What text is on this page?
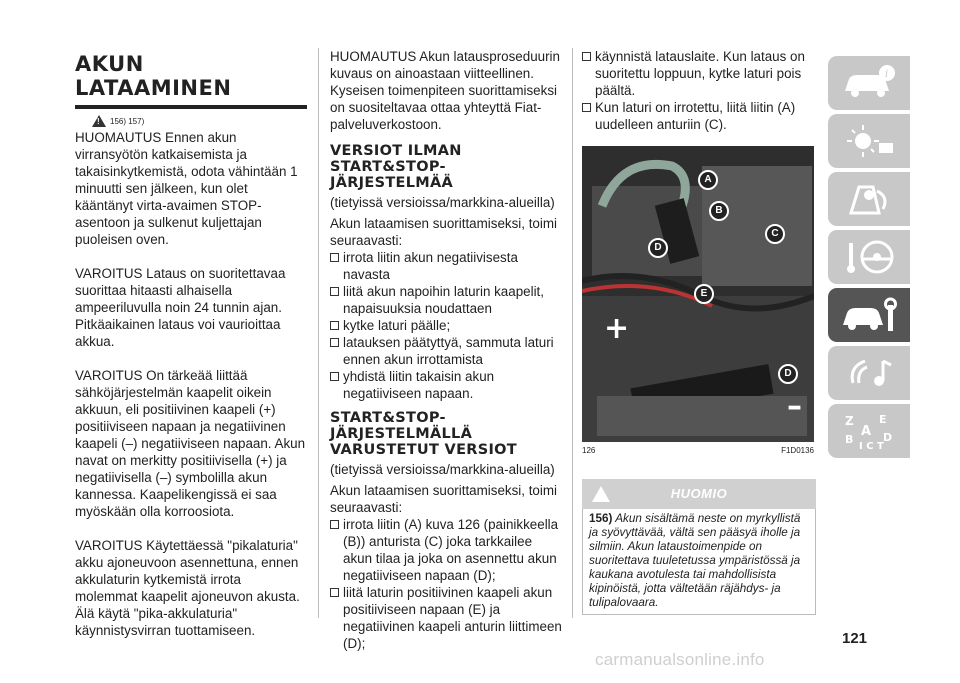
AKUN LATAAMINEN
!
156) 157)

HUOMAUTUS Ennen akun virransyötön katkaisemista ja takaisinkytkemistä, odota vähintään 1 minuutti sen jälkeen, kun olet kääntänyt virta-avaimen STOP-asentoon ja sulkenut kuljettajan puoleisen oven.

VAROITUS Lataus on suoritettavaa suorittaa hitaasti alhaisella ampeeriluvulla noin 24 tunnin ajan. Pitkäaikainen lataus voi vaurioittaa akkua.

VAROITUS On tärkeää liittää sähköjärjestelmän kaapelit oikein akkuun, eli positiivinen kaapeli (+) positiiviseen napaan ja negatiivinen kaapeli (–) negatiiviseen napaan. Akun navat on merkitty positiivisella (+) ja negatiivisella (–) symbolilla akun kannessa. Kaapelikengissä ei saa myöskään olla korroosiota.

VAROITUS Käytettäessä "pikalaturia" akku ajoneuvoon asennettuna, ennen akkulaturin kytkemistä irrota molemmat kaapelit ajoneuvon akusta. Älä käytä "pika-akkulaturia" käynnistysvirran tuottamiseen.

HUOMAUTUS Akun latausproseduurin kuvaus on ainoastaan viitteellinen. Kyseisen toimenpiteen suorittamiseksi on suositeltavaa ottaa yhteyttä Fiat-palveluverkostoon.

VERSIOT ILMAN START&STOP-JÄRJESTELMÄÄ

(tietyissä versioissa/markkina-alueilla)

Akun lataamisen suorittamiseksi, toimi seuraavasti:

irrota liitin akun negatiivisesta navasta
liitä akun napoihin laturin kaapelit, napaisuuksia noudattaen
kytke laturi päälle;
latauksen päätyttyä, sammuta laturi ennen akun irrottamista
yhdistä liitin takaisin akun negatiiviseen napaan.
START&STOP-JÄRJESTELMÄLLÄ VARUSTETUT VERSIOT

(tietyissä versioissa/markkina-alueilla)

Akun lataamisen suorittamiseksi, toimi seuraavasti:

irrota liitin (A) kuva 126 (painikkeella (B)) anturista (C) joka tarkkailee akun tilaa ja joka on asennettu akun negatiiviseen napaan (D);
liitä laturin positiivinen kaapeli akun positiiviseen napaan (E) ja negatiivinen kaapeli anturin liittimeen (D);
käynnistä latauslaite. Kun lataus on suoritettu loppuun, kytke laturi pois päältä.
Kun laturi on irrotettu, liitä liitin (A) uudelleen anturiin (C).
+
–
A
B
C
D
E
D
126	F1D0136
HUOMIO

156) Akun sisältämä neste on myrkyllistä ja syövyttävää, vältä sen pääsyä iholle ja silmiin. Akun lataustoimenpide on suoritettava tuuletetussa ympäristössä ja kaukana avotulesta tai mahdollisista kipinöistä, jotta vältetään räjähdys- ja tulipalovaara.

i
Z E
A
B	D
I C T
121
carmanualsonline.info
